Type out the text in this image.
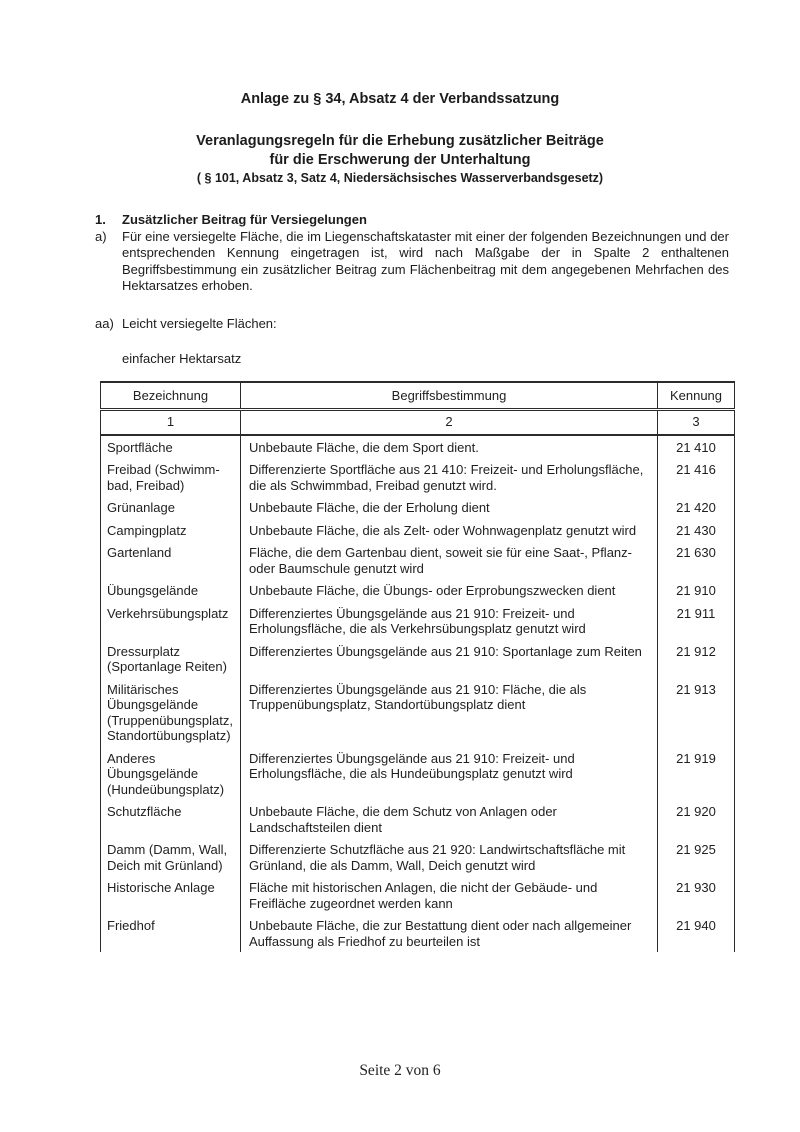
Anlage zu § 34, Absatz 4 der Verbandssatzung
Veranlagungsregeln für die Erhebung zusätzlicher Beiträge
für die Erschwerung der Unterhaltung
( § 101, Absatz 3, Satz 4, Niedersächsisches Wasserverbandsgesetz)
1.	Zusätzlicher Beitrag für Versiegelungen
a)	Für eine versiegelte Fläche, die im Liegenschaftskataster mit einer der folgenden Bezeichnungen und der entsprechenden Kennung eingetragen ist, wird nach Maßgabe der in Spalte 2 enthaltenen Begriffsbestimmung ein zusätzlicher Beitrag zum Flächenbeitrag mit dem angegebenen Mehrfachen des Hektarsatzes erhoben.
aa) Leicht versiegelte Flächen:
einfacher Hektarsatz
Bezeichnung	Begriffsbestimmung	Kennung
1	2	3
Sportfläche	Unbebaute Fläche, die dem Sport dient.	21 410
Freibad (Schwimmbad, Freibad)	Differenzierte Sportfläche aus 21 410: Freizeit- und Erholungsfläche, die als Schwimmbad, Freibad genutzt wird.	21 416
Grünanlage	Unbebaute Fläche, die der Erholung dient	21 420
Campingplatz	Unbebaute Fläche, die als Zelt- oder Wohnwagenplatz genutzt wird	21 430
Gartenland	Fläche, die dem Gartenbau dient, soweit sie für eine Saat-, Pflanz- oder Baumschule genutzt wird	21 630
Übungsgelände	Unbebaute Fläche, die Übungs- oder Erprobungszwecken dient	21 910
Verkehrsübungsplatz	Differenziertes Übungsgelände aus 21 910: Freizeit- und Erholungsfläche, die als Verkehrsübungsplatz genutzt wird	21 911
Dressurplatz (Sportanlage Reiten)	Differenziertes Übungsgelände aus 21 910: Sportanlage zum Reiten	21 912
Militärisches Übungsgelände (Truppenübungsplatz, Standortübungsplatz)	Differenziertes Übungsgelände aus 21 910: Fläche, die als Truppenübungsplatz, Standortübungsplatz dient	21 913
Anderes Übungsgelände (Hundeübungsplatz)	Differenziertes Übungsgelände aus 21 910: Freizeit- und Erholungsfläche, die als Hundeübungsplatz genutzt wird	21 919
Schutzfläche	Unbebaute Fläche, die dem Schutz von Anlagen oder Landschaftsteilen dient	21 920
Damm (Damm, Wall, Deich mit Grünland)	Differenzierte Schutzfläche aus 21 920: Landwirtschaftsfläche mit Grünland, die als Damm, Wall, Deich genutzt wird	21 925
Historische Anlage	Fläche mit historischen Anlagen, die nicht der Gebäude- und Freifläche zugeordnet werden kann	21 930
Friedhof	Unbebaute Fläche, die zur Bestattung dient oder nach allgemeiner Auffassung als Friedhof zu beurteilen ist	21 940
Seite 2 von 6
